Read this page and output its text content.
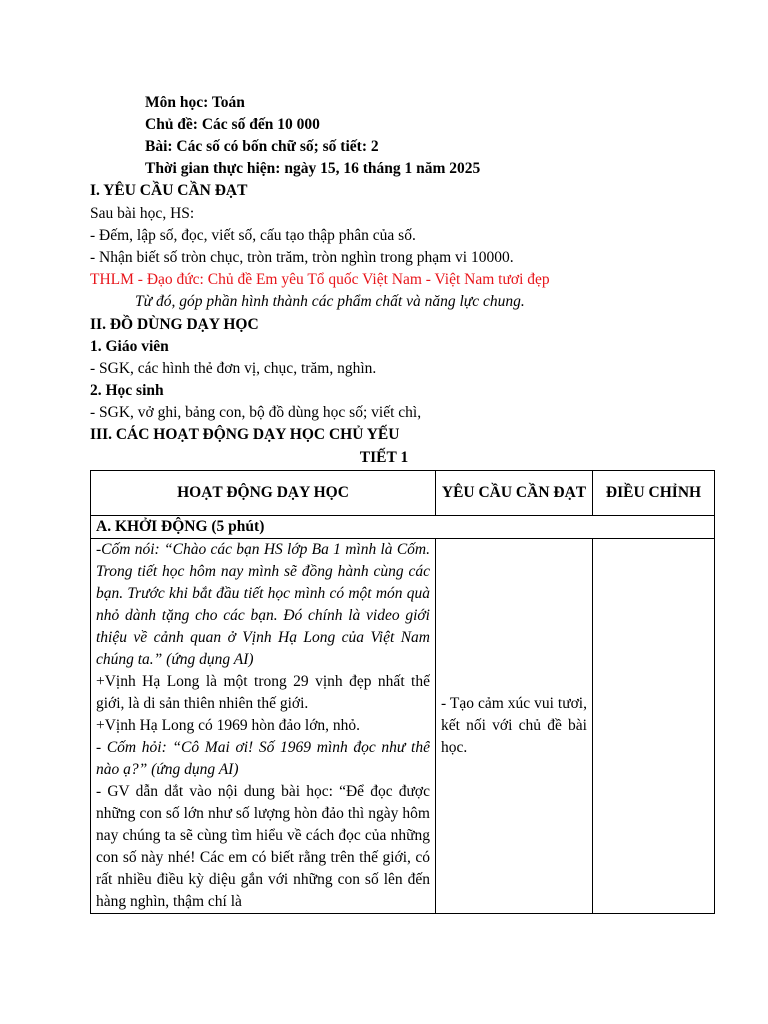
Môn học: Toán
Chủ đề: Các số đến 10 000
Bài: Các số có bốn chữ số; số tiết: 2
Thời gian thực hiện: ngày 15, 16 tháng 1 năm 2025
I. YÊU CẦU CẦN ĐẠT
Sau bài học, HS:
- Đếm, lập số, đọc, viết số, cấu tạo thập phân của số.
- Nhận biết số tròn chục, tròn trăm, tròn nghìn trong phạm vi 10000.
THLM - Đạo đức: Chủ đề Em yêu Tổ quốc Việt Nam - Việt Nam tươi đẹp
Từ đó, góp phần hình thành các phẩm chất và năng lực chung.
II. ĐỒ DÙNG DẠY HỌC
1. Giáo viên
- SGK, các hình thẻ đơn vị, chục, trăm, nghìn.
2. Học sinh
- SGK, vở ghi, bảng con, bộ đồ dùng học số; viết chì,
III. CÁC HOẠT ĐỘNG DẠY HỌC CHỦ YẾU
TIẾT 1
HOẠT ĐỘNG DẠY HỌC	YÊU CẦU CẦN ĐẠT	ĐIỀU CHỈNH
A. KHỞI ĐỘNG (5 phút)		

-Cốm nói: “Chào các bạn HS lớp Ba 1 mình là Cốm. Trong tiết học hôm nay mình sẽ đồng hành cùng các bạn. Trước khi bắt đầu tiết học mình có một món quà nhỏ dành tặng cho các bạn. Đó chính là video giới thiệu về cảnh quan ở Vịnh Hạ Long của Việt Nam chúng ta.” (ứng dụng AI)

+Vịnh Hạ Long là một trong 29 vịnh đẹp nhất thế giới, là di sản thiên nhiên thế giới.

+Vịnh Hạ Long có 1969 hòn đảo lớn, nhỏ.

- Cốm hỏi: “Cô Mai ơi! Số 1969 mình đọc như thế nào ạ?” (ứng dụng AI)

- GV dẫn dắt vào nội dung bài học: “Để đọc được những con số lớn như số lượng hòn đảo thì ngày hôm nay chúng ta sẽ cùng tìm hiểu về cách đọc của những con số này nhé! Các em có biết rằng trên thế giới, có rất nhiều điều kỳ diệu gắn với những con số lên đến hàng nghìn, thậm chí là	- Tạo cảm xúc vui tươi, kết nối với chủ đề bài học.	
